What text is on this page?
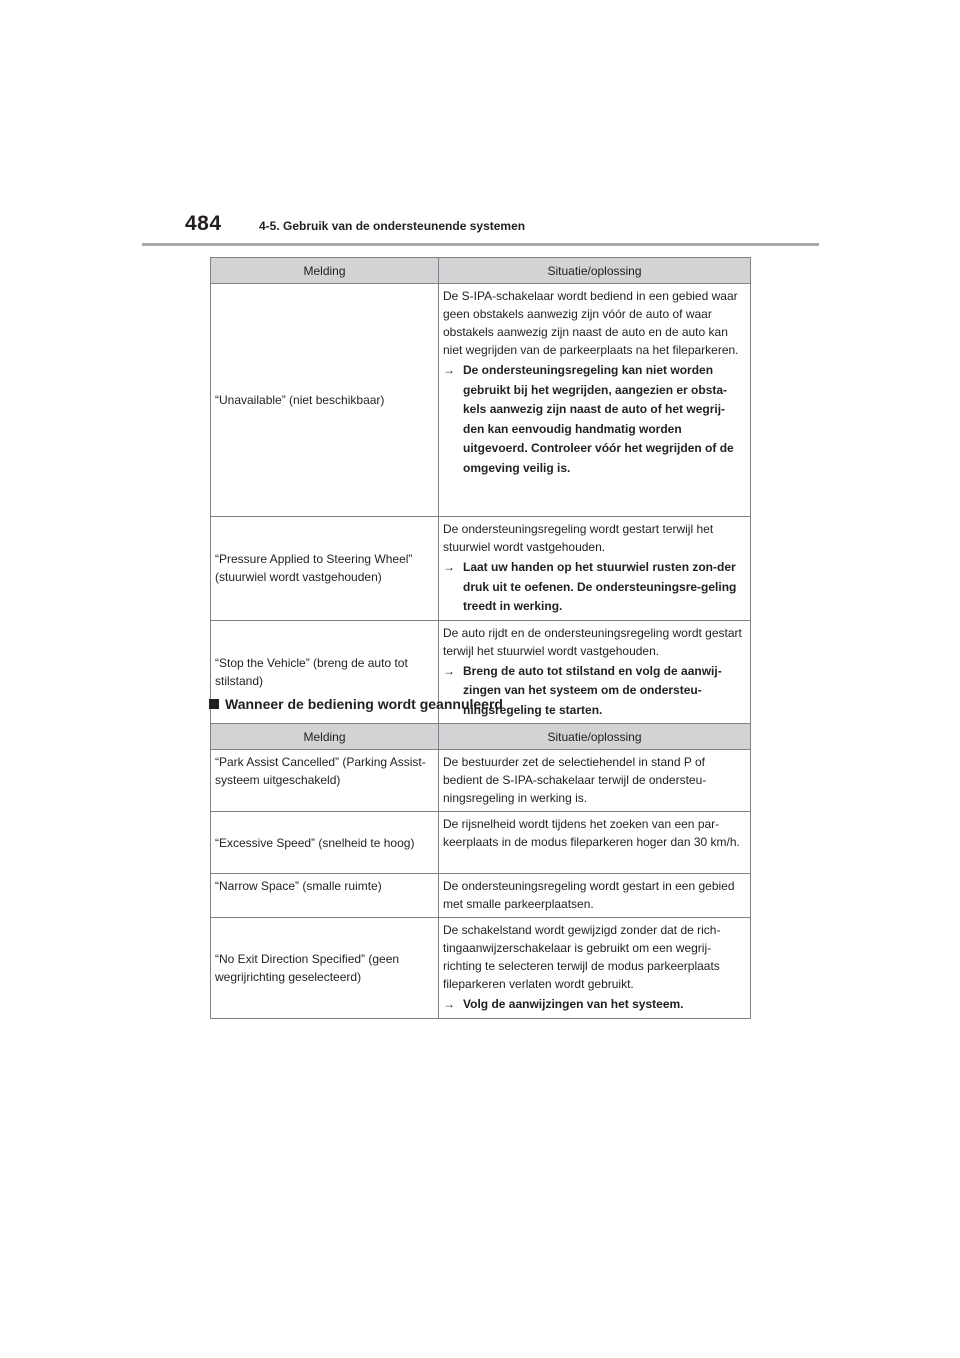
484	4-5. Gebruik van de ondersteunende systemen
Melding	Situatie/oplossing
“Unavailable” (niet beschikbaar)	De S-IPA-schakelaar wordt bediend in een gebied waar geen obstakels aanwezig zijn vóór de auto of waar obstakels aanwezig zijn naast de auto en de auto kan niet wegrijden van de parkeerplaats na het fileparkeren.

→ De ondersteuningsregeling kan niet worden gebruikt bij het wegrijden, aangezien er obsta-kels aanwezig zijn naast de auto of het wegrij-den kan eenvoudig handmatig worden uitgevoerd. Controleer vóór het wegrijden of de omgeving veilig is.

“Pressure Applied to Steering Wheel” (stuurwiel wordt vastgehouden)	De ondersteuningsregeling wordt gestart terwijl het stuurwiel wordt vastgehouden.

→ Laat uw handen op het stuurwiel rusten zon-der druk uit te oefenen. De ondersteuningsre-geling treedt in werking.

“Stop the Vehicle” (breng de auto tot stilstand)	De auto rijdt en de ondersteuningsregeling wordt gestart terwijl het stuurwiel wordt vastgehouden.

→ Breng de auto tot stilstand en volg de aanwij-zingen van het systeem om de ondersteu-ningsregeling te starten.

Wanneer de bediening wordt geannuleerd
Melding	Situatie/oplossing
“Park Assist Cancelled” (Parking Assist-systeem uitgeschakeld)	De bestuurder zet de selectiehendel in stand P of bedient de S-IPA-schakelaar terwijl de ondersteu-ningsregeling in werking is.

“Excessive Speed” (snelheid te hoog)	De rijsnelheid wordt tijdens het zoeken van een par-keerplaats in de modus fileparkeren hoger dan 30 km/h.

“Narrow Space” (smalle ruimte)	De ondersteuningsregeling wordt gestart in een gebied met smalle parkeerplaatsen.

“No Exit Direction Specified” (geen wegrijrichting geselecteerd)	De schakelstand wordt gewijzigd zonder dat de rich-tingaanwijzerschakelaar is gebruikt om een wegrij-richting te selecteren terwijl de modus parkeerplaats fileparkeren verlaten wordt gebruikt.

→ Volg de aanwijzingen van het systeem.
